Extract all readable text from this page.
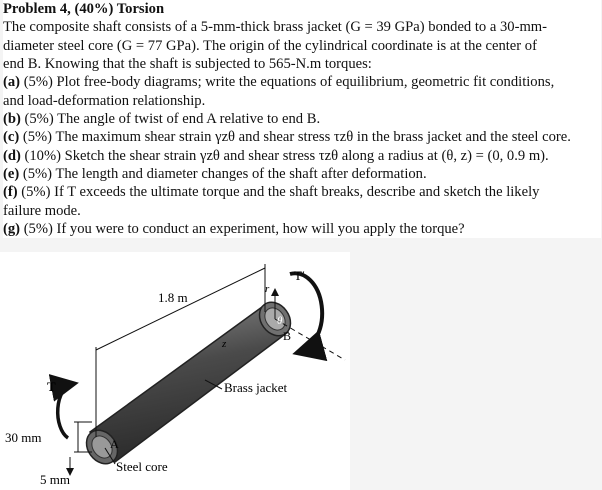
Problem 4, (40%) Torsion
The composite shaft consists of a 5-mm-thick brass jacket (G = 39 GPa) bonded to a 30-mm-
diameter steel core (G = 77 GPa). The origin of the cylindrical coordinate is at the center of
end B. Knowing that the shaft is subjected to 565-N.m torques:
(a) (5%) Plot free-body diagrams; write the equations of equilibrium, geometric fit conditions,
and load-deformation relationship.
(b) (5%) The angle of twist of end A relative to end B.
(c) (5%) The maximum shear strain γzθ and shear stress τzθ in the brass jacket and the steel core.
(d) (10%) Sketch the shear strain γzθ and shear stress τzθ along a radius at (θ, z) = (0, 0.9 m).
(e) (5%) The length and diameter changes of the shaft after deformation.
(f) (5%) If T exceeds the ultimate torque and the shaft breaks, describe and sketch the likely
failure mode.
(g) (5%) If you were to conduct an experiment, how will you apply the torque?
1.8 m
T
T′
r
θ
z
A
B
Brass jacket
Steel core
30 mm
5 mm
